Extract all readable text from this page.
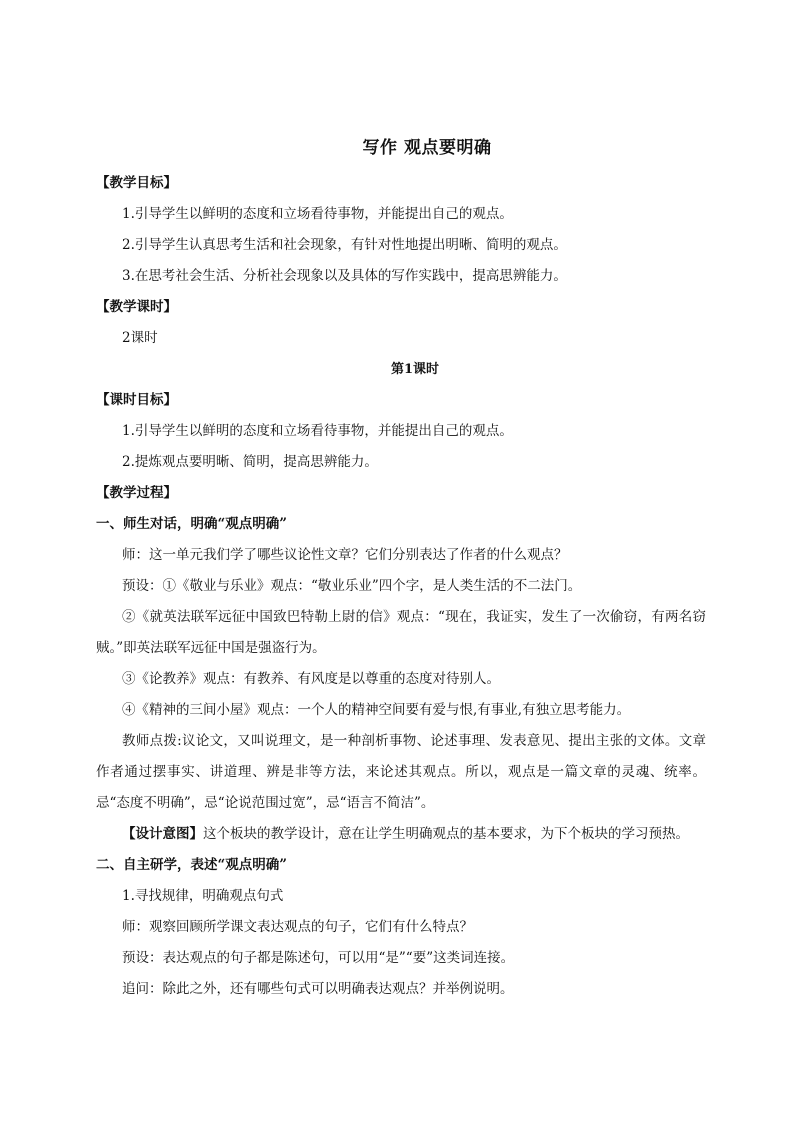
写作 观点要明确
【教学目标】
1.引导学生以鲜明的态度和立场看待事物，并能提出自己的观点。
2.引导学生认真思考生活和社会现象，有针对性地提出明晰、简明的观点。
3.在思考社会生活、分析社会现象以及具体的写作实践中，提高思辨能力。
【教学课时】
2课时
第1课时
【课时目标】
1.引导学生以鲜明的态度和立场看待事物，并能提出自己的观点。
2.提炼观点要明晰、简明，提高思辨能力。
【教学过程】
一、师生对话，明确“观点明确”
师：这一单元我们学了哪些议论性文章？它们分别表达了作者的什么观点？
预设：①《敬业与乐业》观点：“敬业乐业”四个字，是人类生活的不二法门。
②《就英法联军远征中国致巴特勒上尉的信》观点：“现在，我证实，发生了一次偷窃，有两名窃贼。”即英法联军远征中国是强盗行为。
③《论教养》观点：有教养、有风度是以尊重的态度对待别人。
④《精神的三间小屋》观点：一个人的精神空间要有爱与恨,有事业,有独立思考能力。
教师点拨:议论文，又叫说理文，是一种剖析事物、论述事理、发表意见、提出主张的文体。文章作者通过摆事实、讲道理、辨是非等方法，来论述其观点。所以，观点是一篇文章的灵魂、统率。忌“态度不明确”，忌“论说范围过宽”，忌“语言不简洁”。
【设计意图】这个板块的教学设计，意在让学生明确观点的基本要求，为下个板块的学习预热。
二、自主研学，表述“观点明确”
1.寻找规律，明确观点句式
师：观察回顾所学课文表达观点的句子，它们有什么特点？
预设：表达观点的句子都是陈述句，可以用“是”“要”这类词连接。
追问：除此之外，还有哪些句式可以明确表达观点？并举例说明。
